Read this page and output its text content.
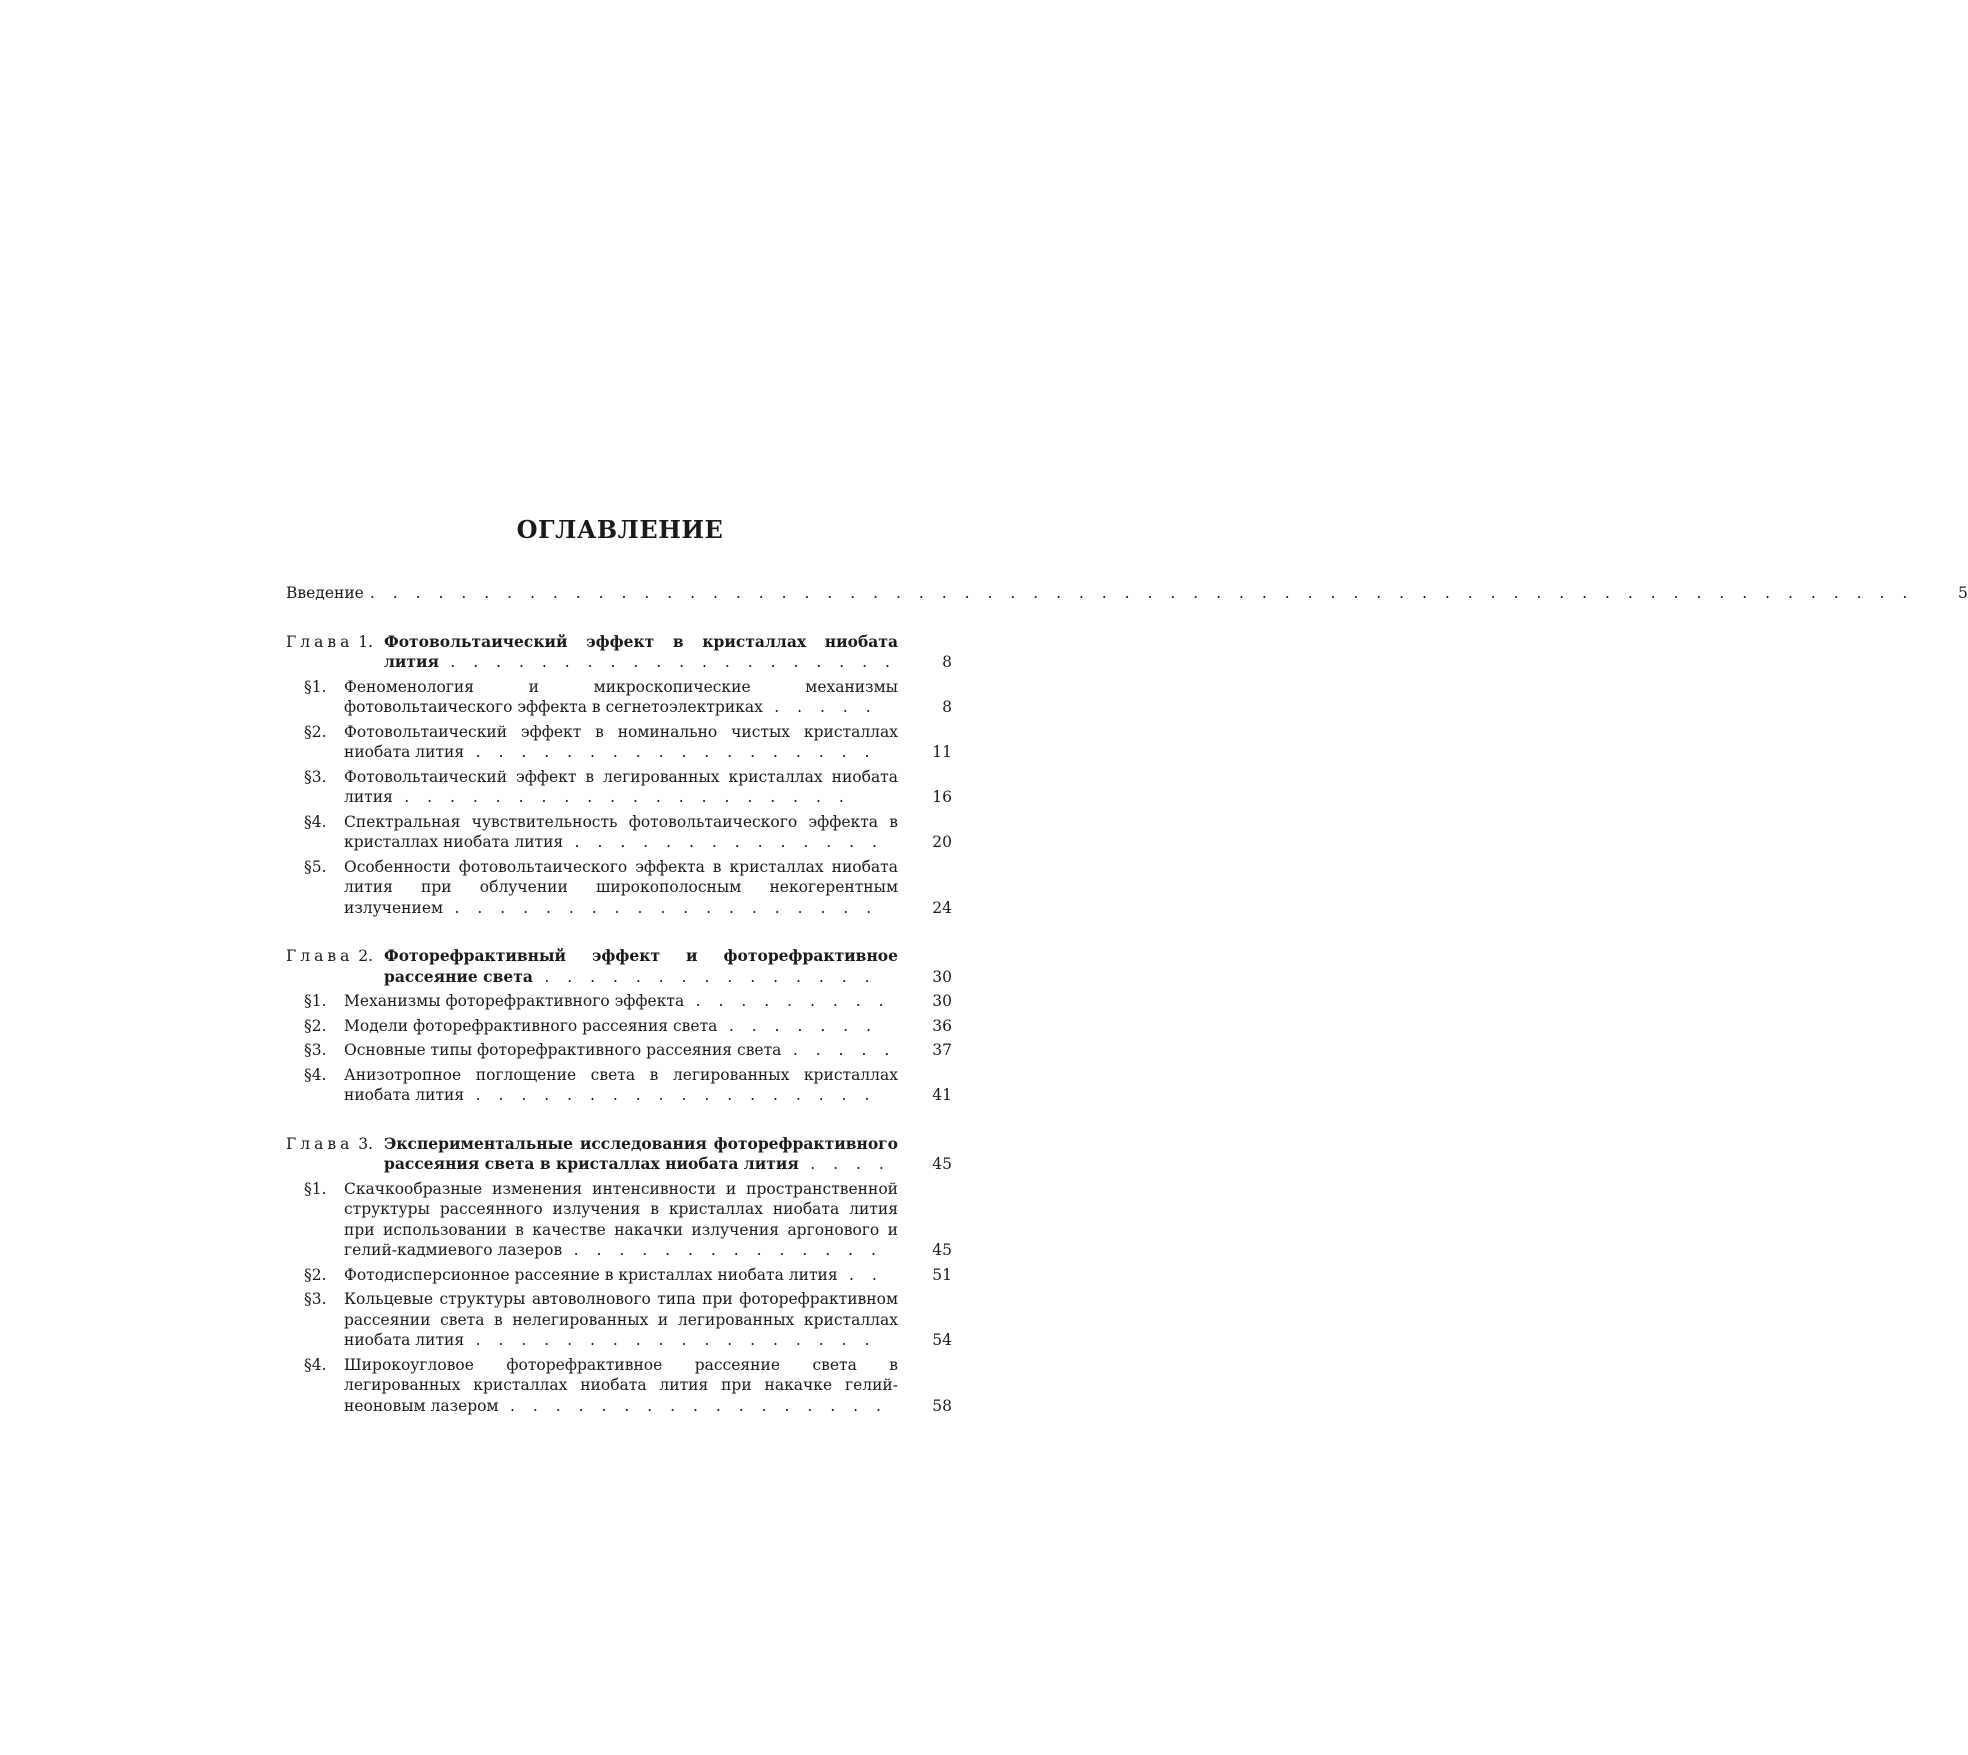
ОГЛАВЛЕНИЕ
Введение . . . . . . . . . . . . . . . . . . . . . . . . . . . . . . . . . . . . . . . . . . . . . . . . . . . . . . . . . . . . . . . . . . . .	5
Глава 1. Фотовольтаический эффект в кристаллах ниобата лития . . . . . . . . . . . . . . . . . . . .	8
§1.	Феноменология и микроскопические механизмы фотовольтаического эффекта в сегнетоэлектриках . . . . .	8
§2.	Фотовольтаический эффект в номинально чистых кристаллах ниобата лития . . . . . . . . . . . . . . . . . .	11
§3.	Фотовольтаический эффект в легированных кристаллах ниобата лития . . . . . . . . . . . . . . . . . . . .	16
§4.	Спектральная чувствительность фотовольтаического эффекта в кристаллах ниобата лития . . . . . . . . . . . . . .	20
§5.	Особенности фотовольтаического эффекта в кристаллах ниобата лития при облучении широкополосным некогерентным излучением . . . . . . . . . . . . . . . . . . .	24
Глава 2. Фоторефрактивный эффект и фоторефрактивное рассеяние света . . . . . . . . . . . . . . .	30
§1.	Механизмы фоторефрактивного эффекта . . . . . . . . .	30
§2.	Модели фоторефрактивного рассеяния света . . . . . . .	36
§3.	Основные типы фоторефрактивного рассеяния света . . . . .	37
§4.	Анизотропное поглощение света в легированных кристаллах ниобата лития . . . . . . . . . . . . . . . . . .	41
Глава 3. Экспериментальные исследования фоторефрактивного рассеяния света в кристаллах ниобата лития . . . .	45
§1.	Скачкообразные изменения интенсивности и пространственной структуры рассеянного излучения в кристаллах ниобата лития при использовании в качестве накачки излучения аргонового и гелий-кадмиевого лазеров . . . . . . . . . . . . . .	45
§2.	Фотодисперсионное рассеяние в кристаллах ниобата лития . .	51
§3.	Кольцевые структуры автоволнового типа при фоторефрактивном рассеянии света в нелегированных и легированных кристаллах ниобата лития . . . . . . . . . . . . . . . . . .	54
§4.	Широкоугловое фоторефрактивное рассеяние света в легированных кристаллах ниобата лития при накачке гелий-неоновым лазером . . . . . . . . . . . . . . . . .	58
